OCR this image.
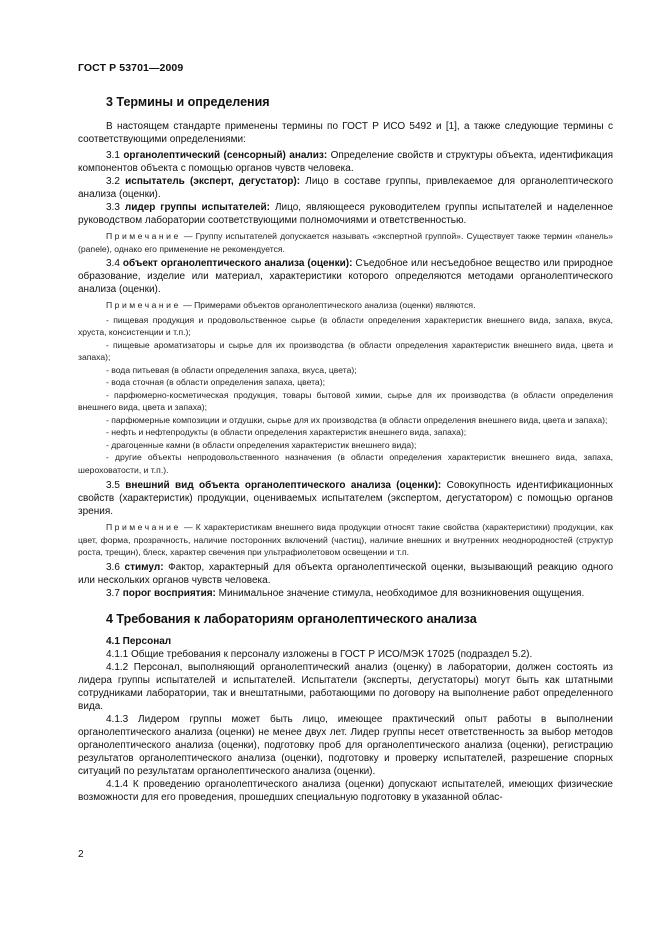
ГОСТ Р 53701—2009
3 Термины и определения

В настоящем стандарте применены термины по ГОСТ Р ИСО 5492 и [1], а также следующие термины с соответствующими определениями:

3.1 органолептический (сенсорный) анализ: Определение свойств и структуры объекта, идентификация компонентов объекта с помощью органов чувств человека.

3.2 испытатель (эксперт, дегустатор): Лицо в составе группы, привлекаемое для органолептического анализа (оценки).

3.3 лидер группы испытателей: Лицо, являющееся руководителем группы испытателей и наделенное руководством лаборатории соответствующими полномочиями и ответственностью.

Примечание — Группу испытателей допускается называть «экспертной группой». Существует также термин «панель» (panele), однако его применение не рекомендуется.

3.4 объект органолептического анализа (оценки): Съедобное или несъедобное вещество или природное образование, изделие или материал, характеристики которого определяются методами органолептического анализа (оценки).

Примечание — Примерами объектов органолептического анализа (оценки) являются.
- пищевая продукция и продовольственное сырье (в области определения характеристик внешнего вида, запаха, вкуса, хруста, консистенции и т.п.);
- пищевые ароматизаторы и сырье для их производства (в области определения характеристик внешнего вида, цвета и запаха);
- вода питьевая (в области определения запаха, вкуса, цвета);
- вода сточная (в области определения запаха, цвета);
- парфюмерно-косметическая продукция, товары бытовой химии, сырье для их производства (в области определения внешнего вида, цвета и запаха);
- парфюмерные композиции и отдушки, сырье для их производства (в области определения внешнего вида, цвета и запаха);
- нефть и нефтепродукты (в области определения характеристик внешнего вида, запаха);
- драгоценные камни (в области определения характеристик внешнего вида);
- другие объекты непродовольственного назначения (в области определения характеристик внешнего вида, запаха, шероховатости, и т.п.).

3.5 внешний вид объекта органолептического анализа (оценки): Совокупность идентификационных свойств (характеристик) продукции, оцениваемых испытателем (экспертом, дегустатором) с помощью органов зрения.

Примечание — К характеристикам внешнего вида продукции относят такие свойства (характеристики) продукции, как цвет, форма, прозрачность, наличие посторонних включений (частиц), наличие внешних и внутренних неоднородностей (структур роста, трещин), блеск, характер свечения при ультрафиолетовом освещении и т.п.

3.6 стимул: Фактор, характерный для объекта органолептической оценки, вызывающий реакцию одного или нескольких органов чувств человека.

3.7 порог восприятия: Минимальное значение стимула, необходимое для возникновения ощущения.

4 Требования к лабораториям органолептического анализа
4.1 Персонал

4.1.1 Общие требования к персоналу изложены в ГОСТ Р ИСО/МЭК 17025 (подраздел 5.2).

4.1.2 Персонал, выполняющий органолептический анализ (оценку) в лаборатории, должен состоять из лидера группы испытателей и испытателей. Испытатели (эксперты, дегустаторы) могут быть как штатными сотрудниками лаборатории, так и внештатными, работающими по договору на выполнение работ определенного вида.

4.1.3 Лидером группы может быть лицо, имеющее практический опыт работы в выполнении органолептического анализа (оценки) не менее двух лет. Лидер группы несет ответственность за выбор методов органолептического анализа (оценки), подготовку проб для органолептического анализа (оценки), регистрацию результатов органолептического анализа (оценки), подготовку и проверку испытателей, разрешение спорных ситуаций по результатам органолептического анализа (оценки).

4.1.4 К проведению органолептического анализа (оценки) допускают испытателей, имеющих физические возможности для его проведения, прошедших специальную подготовку в указанной облас-

2
